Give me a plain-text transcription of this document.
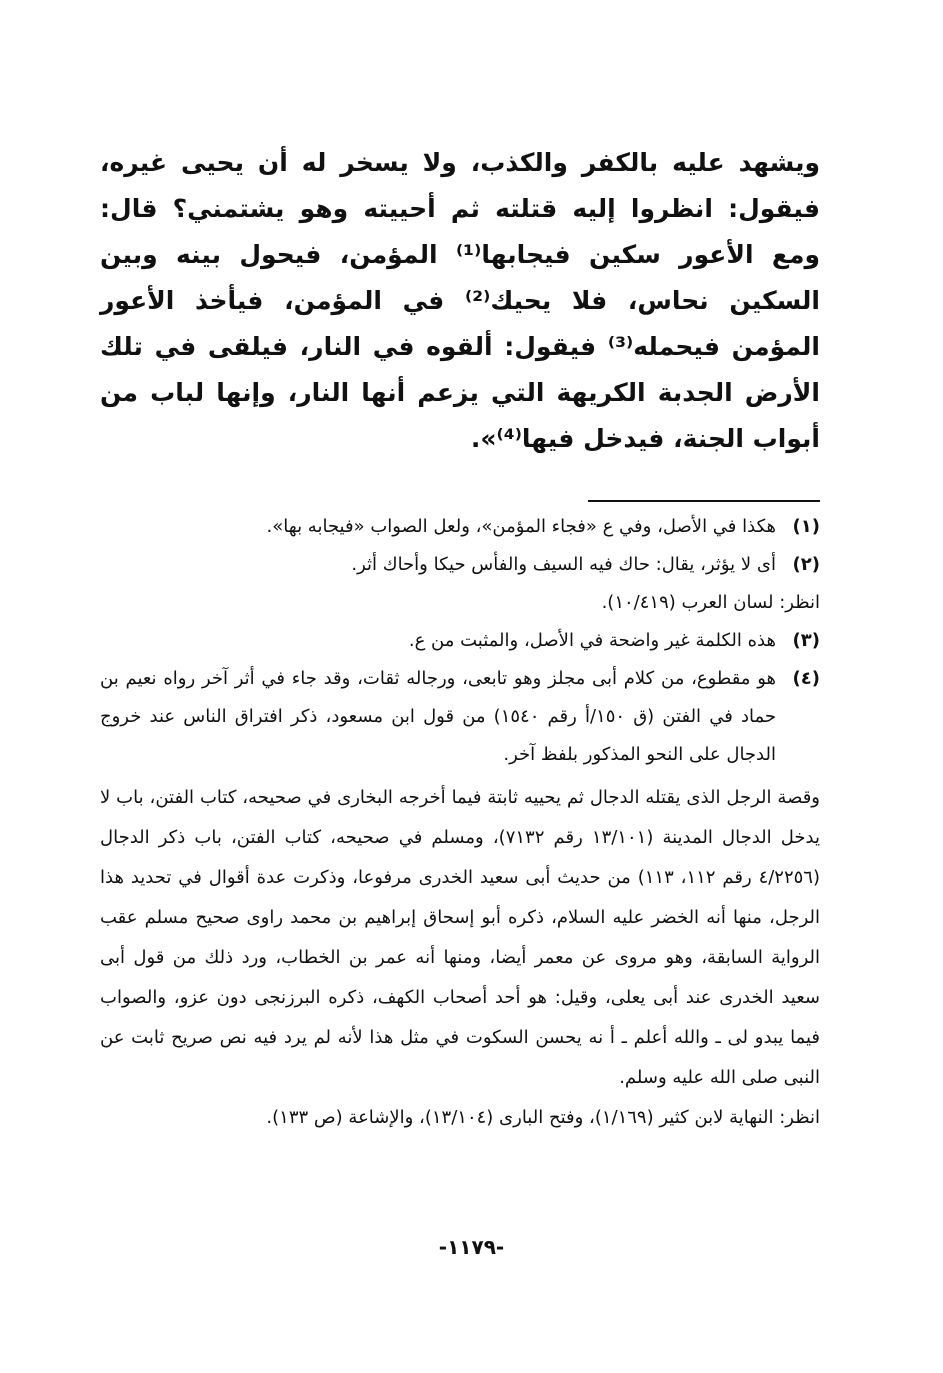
ويشهد عليه بالكفر والكذب، ولا يسخر له أن يحيى غيره، فيقول: انظروا إليه قتلته ثم أحييته وهو يشتمني؟ قال: ومع الأعور سكين فيجابها⁽¹⁾ المؤمن، فيحول بينه وبين السكين نحاس، فلا يحيك⁽²⁾ في المؤمن، فيأخذ الأعور المؤمن فيحمله⁽³⁾ فيقول: ألقوه في النار، فيلقى في تلك الأرض الجدبة الكريهة التي يزعم أنها النار، وإنها لباب من أبواب الجنة، فيدخل فيها⁽⁴⁾».

(١)
هكذا في الأصل، وفي ع «فجاء المؤمن»، ولعل الصواب «فيجابه بها».
(٢)
أى لا يؤثر، يقال: حاك فيه السيف والفأس حيكا وأحاك أثر.

انظر: لسان العرب (١٠/٤١٩).

(٣)
هذه الكلمة غير واضحة في الأصل، والمثبت من ع.
(٤)
هو مقطوع، من كلام أبى مجلز وهو تابعى، ورجاله ثقات، وقد جاء في أثر آخر رواه نعيم بن حماد في الفتن (ق ١٥٠/أ رقم ١٥٤٠) من قول ابن مسعود، ذكر افتراق الناس عند خروج الدجال على النحو المذكور بلفظ آخر.

وقصة الرجل الذى يقتله الدجال ثم يحييه ثابتة فيما أخرجه البخارى في صحيحه، كتاب الفتن، باب لا يدخل الدجال المدينة (١٣/١٠١ رقم ٧١٣٢)، ومسلم في صحيحه، كتاب الفتن، باب ذكر الدجال (٤/٢٢٥٦ رقم ١١٢، ١١٣) من حديث أبى سعيد الخدرى مرفوعا، وذكرت عدة أقوال في تحديد هذا الرجل، منها أنه الخضر عليه السلام، ذكره أبو إسحاق إبراهيم بن محمد راوى صحيح مسلم عقب الرواية السابقة، وهو مروى عن معمر أيضا، ومنها أنه عمر بن الخطاب، ورد ذلك من قول أبى سعيد الخدرى عند أبى يعلى، وقيل: هو أحد أصحاب الكهف، ذكره البرزنجى دون عزو، والصواب فيما يبدو لى ـ والله أعلم ـ أ نه يحسن السكوت في مثل هذا لأنه لم يرد فيه نص صريح ثابت عن النبى صلى الله عليه وسلم.

انظر: النهاية لابن كثير (١/١٦٩)، وفتح البارى (١٣/١٠٤)، والإشاعة (ص ١٣٣).

-١١٧٩-
